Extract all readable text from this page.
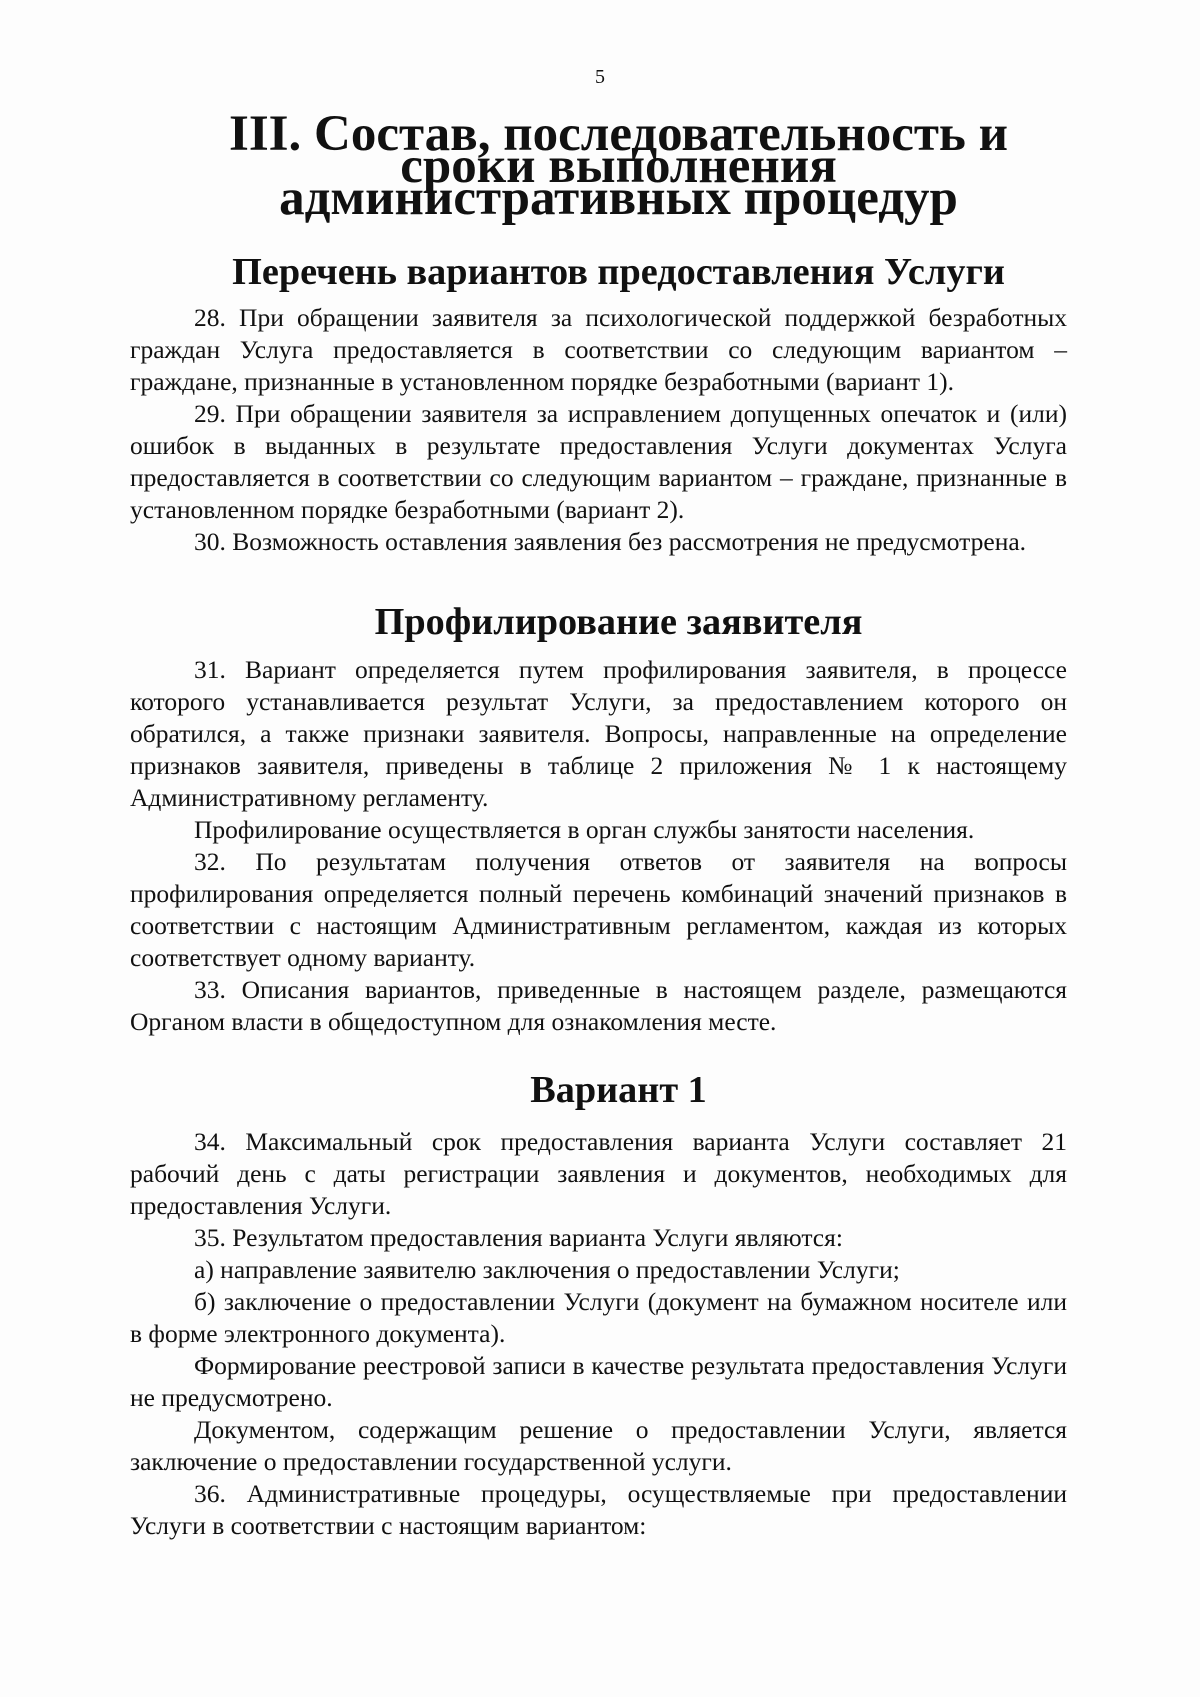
5
III. Состав, последовательность и сроки выполнения административных процедур
Перечень вариантов предоставления Услуги

28. При обращении заявителя за психологической поддержкой безработных граждан Услуга предоставляется в соответствии со следующим вариантом – граждане, признанные в установленном порядке безработными (вариант 1).

29. При обращении заявителя за исправлением допущенных опечаток и (или) ошибок в выданных в результате предоставления Услуги документах Услуга предоставляется в соответствии со следующим вариантом – граждане, признанные в установленном порядке безработными (вариант 2).

30. Возможность оставления заявления без рассмотрения не предусмотрена.

Профилирование заявителя

31. Вариант определяется путем профилирования заявителя, в процессе которого устанавливается результат Услуги, за предоставлением которого он обратился, а также признаки заявителя. Вопросы, направленные на определение признаков заявителя, приведены в таблице 2 приложения № 1 к настоящему Административному регламенту.

Профилирование осуществляется в орган службы занятости населения.

32. По результатам получения ответов от заявителя на вопросы профилирования определяется полный перечень комбинаций значений признаков в соответствии с настоящим Административным регламентом, каждая из которых соответствует одному варианту.

33. Описания вариантов, приведенные в настоящем разделе, размещаются Органом власти в общедоступном для ознакомления месте.

Вариант 1

34. Максимальный срок предоставления варианта Услуги составляет 21 рабочий день с даты регистрации заявления и документов, необходимых для предоставления Услуги.

35. Результатом предоставления варианта Услуги являются:

а) направление заявителю заключения о предоставлении Услуги;

б) заключение о предоставлении Услуги (документ на бумажном носителе или в форме электронного документа).

Формирование реестровой записи в качестве результата предоставления Услуги не предусмотрено.

Документом, содержащим решение о предоставлении Услуги, является заключение о предоставлении государственной услуги.

36. Административные процедуры, осуществляемые при предоставлении Услуги в соответствии с настоящим вариантом:
